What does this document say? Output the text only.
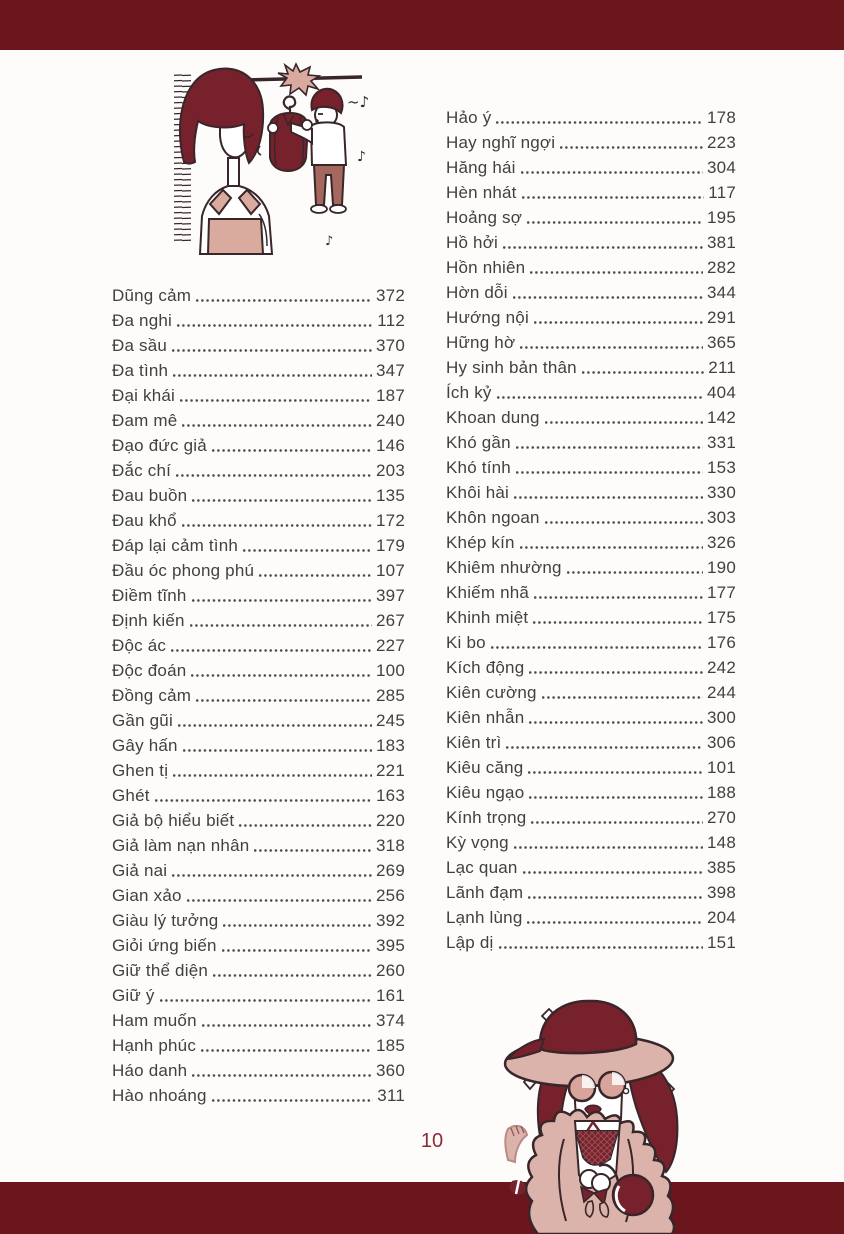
~♪
♪
♪
Dũng cảm	372
Đa nghi	112
Đa sầu	370
Đa tình	347
Đại khái	187
Đam mê	240
Đạo đức giả	146
Đắc chí	203
Đau buồn	135
Đau khổ	172
Đáp lại cảm tình	179
Đầu óc phong phú	107
Điềm tĩnh	397
Định kiến	267
Độc ác	227
Độc đoán	100
Đồng cảm	285
Gần gũi	245
Gây hấn	183
Ghen tị	221
Ghét	163
Giả bộ hiểu biết	220
Giả làm nạn nhân	318
Giả nai	269
Gian xảo	256
Giàu lý tưởng	392
Giỏi ứng biến	395
Giữ thể diện	260
Giữ ý	161
Ham muốn	374
Hạnh phúc	185
Háo danh	360
Hào nhoáng	311
Hảo ý	178
Hay nghĩ ngợi	223
Hăng hái	304
Hèn nhát	117
Hoảng sợ	195
Hồ hởi	381
Hồn nhiên	282
Hờn dỗi	344
Hướng nội	291
Hững hờ	365
Hy sinh bản thân	211
Ích kỷ	404
Khoan dung	142
Khó gần	331
Khó tính	153
Khôi hài	330
Khôn ngoan	303
Khép kín	326
Khiêm nhường	190
Khiếm nhã	177
Khinh miệt	175
Ki bo	176
Kích động	242
Kiên cường	244
Kiên nhẫn	300
Kiên trì	306
Kiêu căng	101
Kiêu ngạo	188
Kính trọng	270
Kỳ vọng	148
Lạc quan	385
Lãnh đạm	398
Lạnh lùng	204
Lập dị	151
10
